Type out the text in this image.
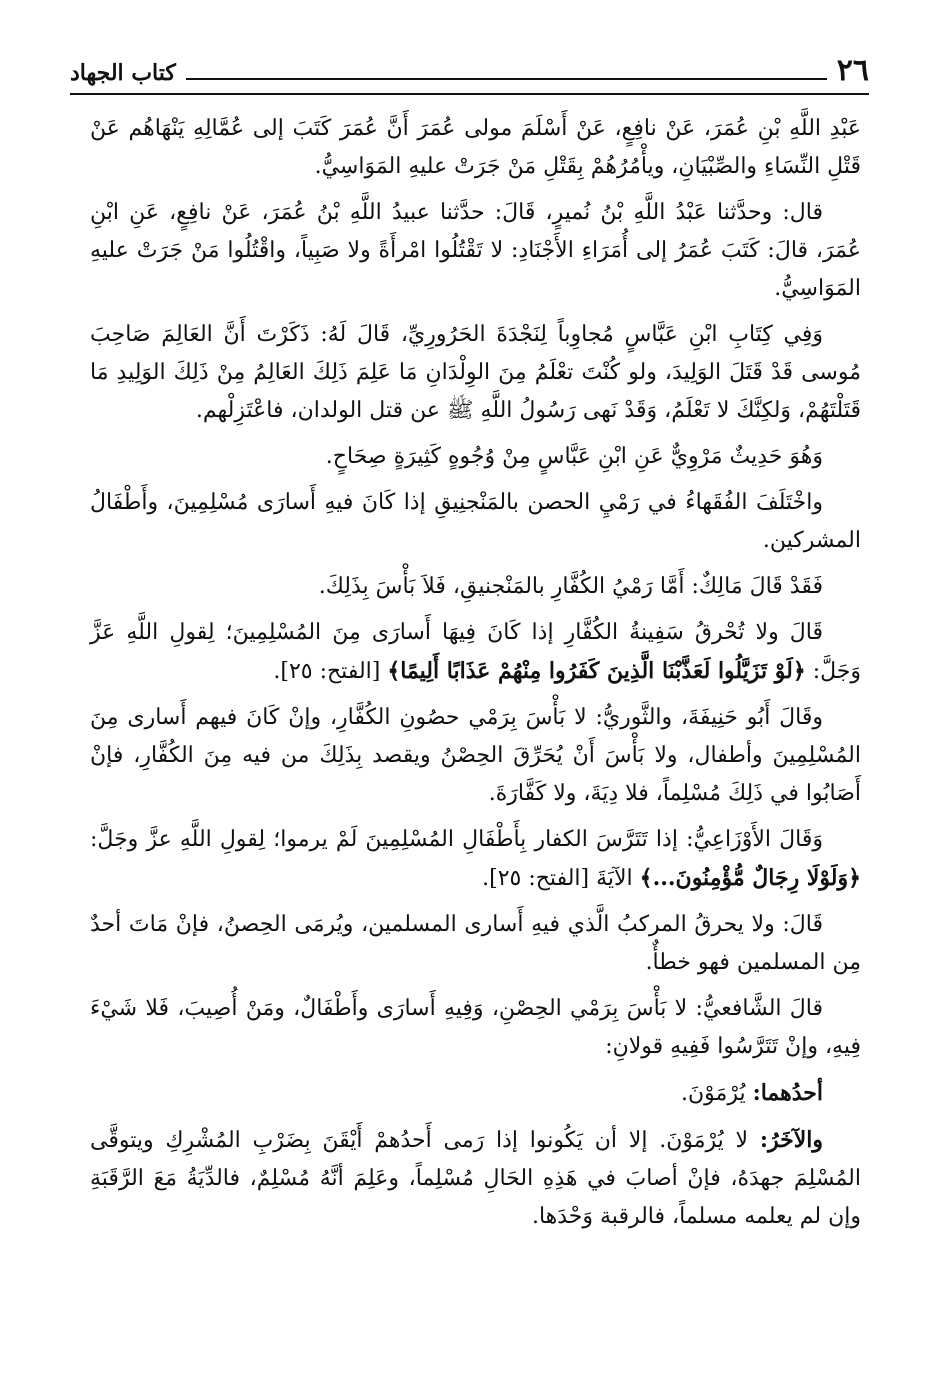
٢٦
كتاب الجهاد

عَبْدِ اللَّهِ بْنِ عُمَرَ، عَنْ نافِعٍ، عَنْ أَسْلَمَ مولى عُمَرَ أَنَّ عُمَرَ كَتَبَ إلى عُمَّالِهِ يَنْهَاهُم عَنْ قَتْلِ النِّسَاءِ والصِّبْيَانِ، ويأْمُرُهُمْ بِقَتْلِ مَنْ جَرَتْ عليهِ المَوَاسِيُّ.

قال: وحدَّثنا عَبْدُ اللَّهِ بْنُ نُميرٍ، قَالَ: حدَّثنا عبيدُ اللَّهِ بْنُ عُمَرَ، عَنْ نافِعٍ، عَنِ ابْنِ عُمَرَ، قالَ: كَتَبَ عُمَرُ إلى أُمَرَاءِ الأَجْنَادِ: لا تَقْتُلُوا امْرأَةً ولا صَبِياً، واقْتُلُوا مَنْ جَرَتْ عليهِ المَوَاسِيُّ.

وَفِي كِتَابِ ابْنِ عَبَّاسٍ مُجاوِباً لِنَجْدَةَ الحَرُورِيِّ، قَالَ لَهُ: ذَكَرْتَ أَنَّ العَالِمَ صَاحِبَ مُوسى قَدْ قَتَلَ الوَلِيدَ، ولو كُنْتَ تعْلَمُ مِنَ الوِلْدَانِ مَا عَلِمَ ذَلِكَ العَالِمُ مِنْ ذَلِكَ الوَلِيدِ مَا قَتَلْتَهُمْ، وَلكِنَّكَ لا تَعْلَمُ، وَقَدْ نَهى رَسُولُ اللَّهِ ﷺ عن قتل الولدان، فاعْتَزِلْهم.

وَهُوَ حَدِيثٌ مَرْوِيٌّ عَنِ ابْنِ عَبَّاسٍ مِنْ وُجُوهٍ كَثِيرَةٍ صِحَاحٍ.

واخْتَلَفَ الفُقَهاءُ في رَمْيِ الحصن بالمَنْجنِيقِ إذا كَانَ فيهِ أَسارَى مُسْلِمِينَ، وأَطْفَالُ المشركين.

فَقَدْ قَالَ مَالِكٌ: أَمَّا رَمْيُ الكُفَّارِ بالمَنْجنيقِ، فَلاَ بَأْسَ بِذَلِكَ.

قَالَ ولا تُحْرقُ سَفِينةُ الكُفَّارِ إذا كَانَ فِيهَا أَسارَى مِنَ المُسْلِمِينَ؛ لِقولِ اللَّهِ عَزَّ وَجَلَّ: ﴿لَوْ تَزَيَّلُوا لَعَذَّبْنَا الَّذِينَ كَفَرُوا مِنْهُمْ عَذَابًا أَلِيمًا﴾ [الفتح: ٢٥].

وقَالَ أَبُو حَنِيفَةَ، والثَّوريُّ: لا بَأْسَ بِرَمْي حصُونِ الكُفَّارِ، وإنْ كَانَ فيهم أَسارى مِنَ المُسْلِمِينَ وأطفال، ولا بَأْسَ أَنْ يُحَرِّقَ الحِصْنُ ويقصد بِذَلِكَ من فيه مِنَ الكُفَّارِ، فإنْ أَصَابُوا في ذَلِكَ مُسْلِماً، فلا دِيَةَ، ولا كَفَّارَةَ.

وَقَالَ الأَوْزَاعِيُّ: إذا تَتَرَّسَ الكفار بِأَطْفَالِ المُسْلِمِينَ لَمْ يرموا؛ لِقولِ اللَّهِ عزَّ وجَلَّ: ﴿وَلَوْلَا رِجَالٌ مُّؤْمِنُونَ...﴾ الآيَةَ [الفتح: ٢٥].

قَالَ: ولا يحرقُ المركبُ الَّذي فيهِ أَسارى المسلمين، ويُرمَى الحِصنُ، فإنْ مَاتَ أحدٌ مِن المسلمين فهو خطأٌ.

قالَ الشَّافعيُّ: لا بَأْسَ بِرَمْي الحِصْنِ، وَفِيهِ أَسارَى وأَطْفَالٌ، ومَنْ أُصِيبَ، فَلا شَيْءَ فِيهِ، وإنْ تَتَرَّسُوا فَفِيهِ قولانِ:

أحدُهما: يُرْمَوْنَ.

والآخَرُ: لا يُرْمَوْنَ. إلا أن يَكُونوا إذا رَمى أَحدُهمْ أَيْقَنَ بِضَرْبِ المُشْرِكِ ويتوقَّى المُسْلِمَ جهدَهُ، فإنْ أصابَ في هَذِهِ الحَالِ مُسْلِماً، وعَلِمَ أنَّهُ مُسْلِمٌ، فالدِّيَةُ مَعَ الرَّقَبَةِ وإن لم يعلمه مسلماً، فالرقبة وَحْدَها.
